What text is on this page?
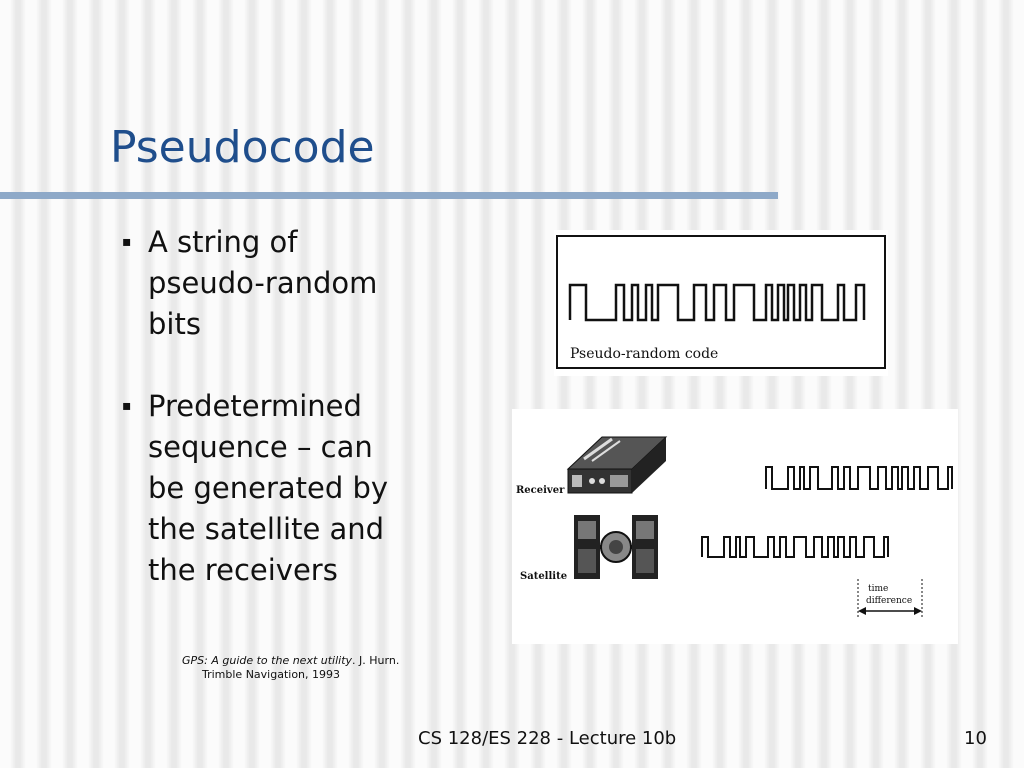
Pseudocode
▪ A string of
pseudo-random
bits
▪ Predetermined
sequence – can
be generated by
the satellite and
the receivers
Pseudo-random code
Receiver
Satellite
time
difference
GPS: A guide to the next utility. J. Hurn.
Trimble Navigation, 1993
CS 128/ES 228 - Lecture 10b	10
